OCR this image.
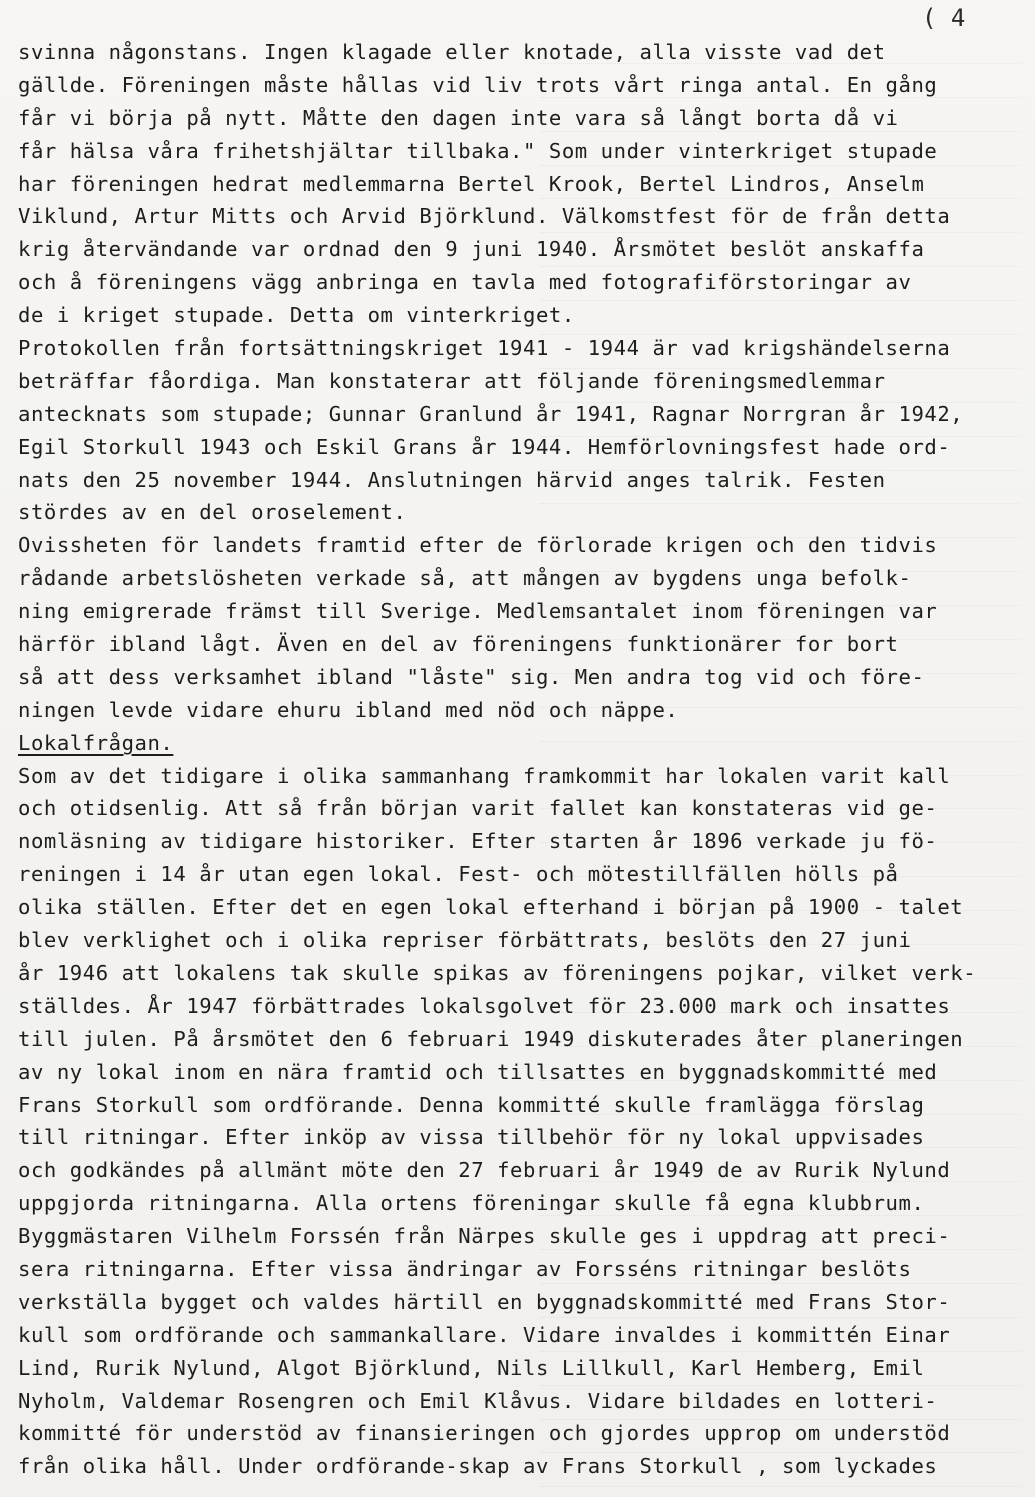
( 4
svinna någonstans. Ingen klagade eller knotade, alla visste vad det
gällde. Föreningen måste hållas vid liv trots vårt ringa antal. En gång
får vi börja på nytt. Måtte den dagen inte vara så långt borta då vi
får hälsa våra frihetshjältar tillbaka." Som under vinterkriget stupade
har föreningen hedrat medlemmarna Bertel Krook, Bertel Lindros, Anselm
Viklund, Artur Mitts och Arvid Björklund. Välkomstfest för de från detta
krig återvändande var ordnad den 9 juni 1940. Årsmötet beslöt anskaffa
och å föreningens vägg anbringa en tavla med fotografiförstoringar av
de i kriget stupade. Detta om vinterkriget.
Protokollen från fortsättningskriget 1941 - 1944 är vad krigshändelserna
beträffar fåordiga. Man konstaterar att följande föreningsmedlemmar
antecknats som stupade; Gunnar Granlund år 1941, Ragnar Norrgran år 1942,
Egil Storkull 1943 och Eskil Grans år 1944. Hemförlovningsfest hade ord-
nats den 25 november 1944. Anslutningen härvid anges talrik. Festen
stördes av en del oroselement.
Ovissheten för landets framtid efter de förlorade krigen och den tidvis
rådande arbetslösheten verkade så, att mången av bygdens unga befolk-
ning emigrerade främst till Sverige. Medlemsantalet inom föreningen var
härför ibland lågt. Även en del av föreningens funktionärer for bort
så att dess verksamhet ibland "låste" sig. Men andra tog vid och före-
ningen levde vidare ehuru ibland med nöd och näppe.
Lokalfrågan.
Som av det tidigare i olika sammanhang framkommit har lokalen varit kall
och otidsenlig. Att så från början varit fallet kan konstateras vid ge-
nomläsning av tidigare historiker. Efter starten år 1896 verkade ju fö-
reningen i 14 år utan egen lokal. Fest- och mötestillfällen hölls på
olika ställen. Efter det en egen lokal efterhand i början på 1900 - talet
blev verklighet och i olika repriser förbättrats, beslöts den 27 juni
år 1946 att lokalens tak skulle spikas av föreningens pojkar, vilket verk-
ställdes. År 1947 förbättrades lokalsgolvet för 23.000 mark och insattes
till julen. På årsmötet den 6 februari 1949 diskuterades åter planeringen
av ny lokal inom en nära framtid och tillsattes en byggnadskommitté med
Frans Storkull som ordförande. Denna kommitté skulle framlägga förslag
till ritningar. Efter inköp av vissa tillbehör för ny lokal uppvisades
och godkändes på allmänt möte den 27 februari år 1949 de av Rurik Nylund
uppgjorda ritningarna. Alla ortens föreningar skulle få egna klubbrum.
Byggmästaren Vilhelm Forssén från Närpes skulle ges i uppdrag att preci-
sera ritningarna. Efter vissa ändringar av Forsséns ritningar beslöts
verkställa bygget och valdes härtill en byggnadskommitté med Frans Stor-
kull som ordförande och sammankallare. Vidare invaldes i kommittén Einar
Lind, Rurik Nylund, Algot Björklund, Nils Lillkull, Karl Hemberg, Emil
Nyholm, Valdemar Rosengren och Emil Klåvus. Vidare bildades en lotteri-
kommitté för understöd av finansieringen och gjordes upprop om understöd
från olika håll. Under ordförande-skap av Frans Storkull , som lyckades
